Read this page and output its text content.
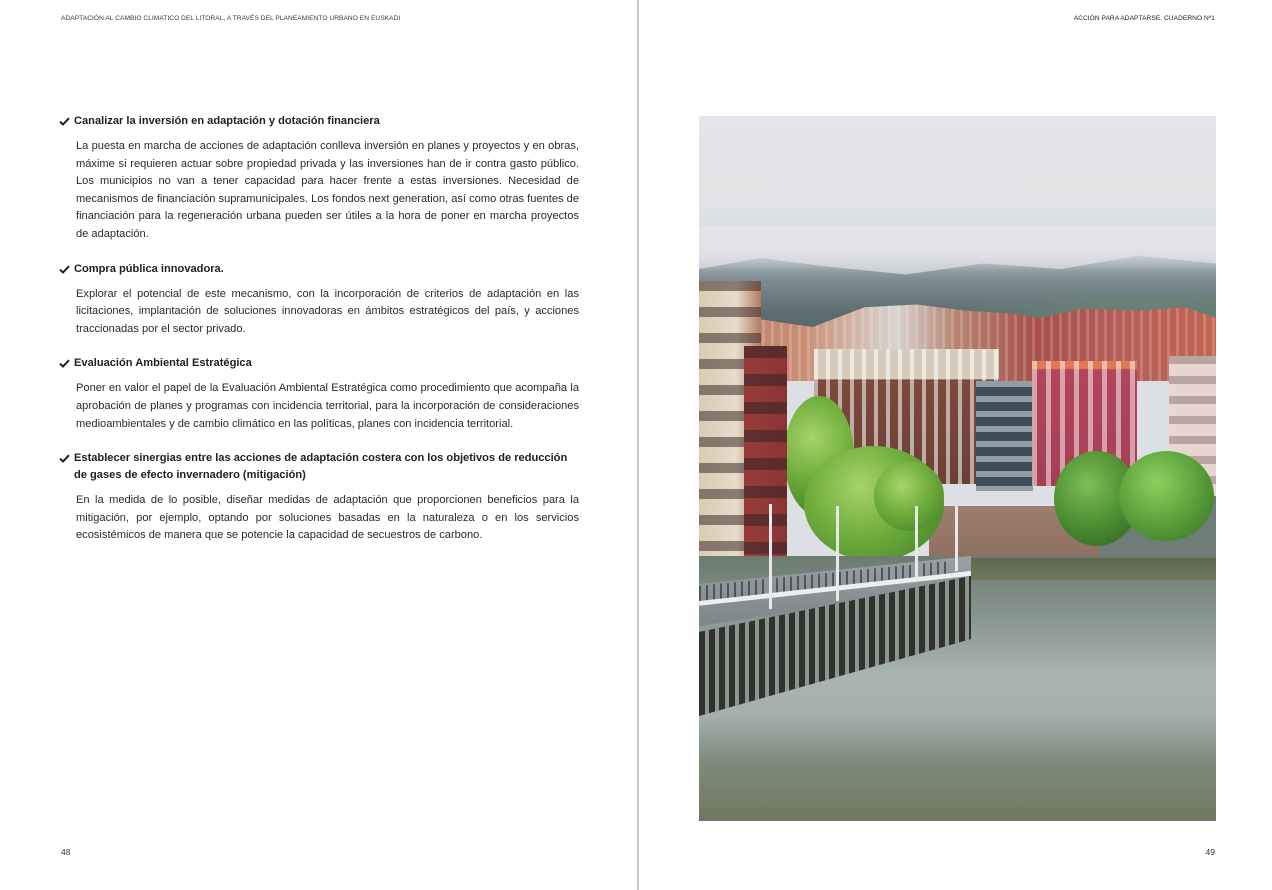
ADAPTACIÓN AL CAMBIO CLIMATICO DEL LITORAL, A TRAVÉS DEL PLANEAMIENTO URBANO EN EUSKADI
Canalizar la inversión en adaptación y dotación financiera

La puesta en marcha de acciones de adaptación conlleva inversión en planes y proyectos y en obras, máxime si requieren actuar sobre propiedad privada y las inversiones han de ir contra gasto público. Los municipios no van a tener capacidad para hacer frente a estas inversiones. Necesidad de mecanismos de financiación supramunicipales. Los fondos next generation, así como otras fuentes de financiación para la regeneración urbana pueden ser útiles a la hora de poner en marcha proyectos de adaptación.

Compra pública innovadora.

Explorar el potencial de este mecanismo, con la incorporación de criterios de adaptación en las licitaciones, implantación de soluciones innovadoras en ámbitos estratégicos del país, y acciones traccionadas por el sector privado.

Evaluación Ambiental Estratégica

Poner en valor el papel de la Evaluación Ambiental Estratégica como procedimiento que acompaña la aprobación de planes y programas con incidencia territorial, para la incorporación de consideraciones medioambientales y de cambio climático en las políticas, planes con incidencia territorial.

Establecer sinergias entre las acciones de adaptación costera con los objetivos de reducción de gases de efecto invernadero (mitigación)

En la medida de lo posible, diseñar medidas de adaptación que proporcionen beneficios para la mitigación, por ejemplo, optando por soluciones basadas en la naturaleza o en los servicios ecosistémicos de manera que se potencie la capacidad de secuestros de carbono.

48
ACCIÓN PARA ADAPTARSE. CUADERNO Nº1
49
